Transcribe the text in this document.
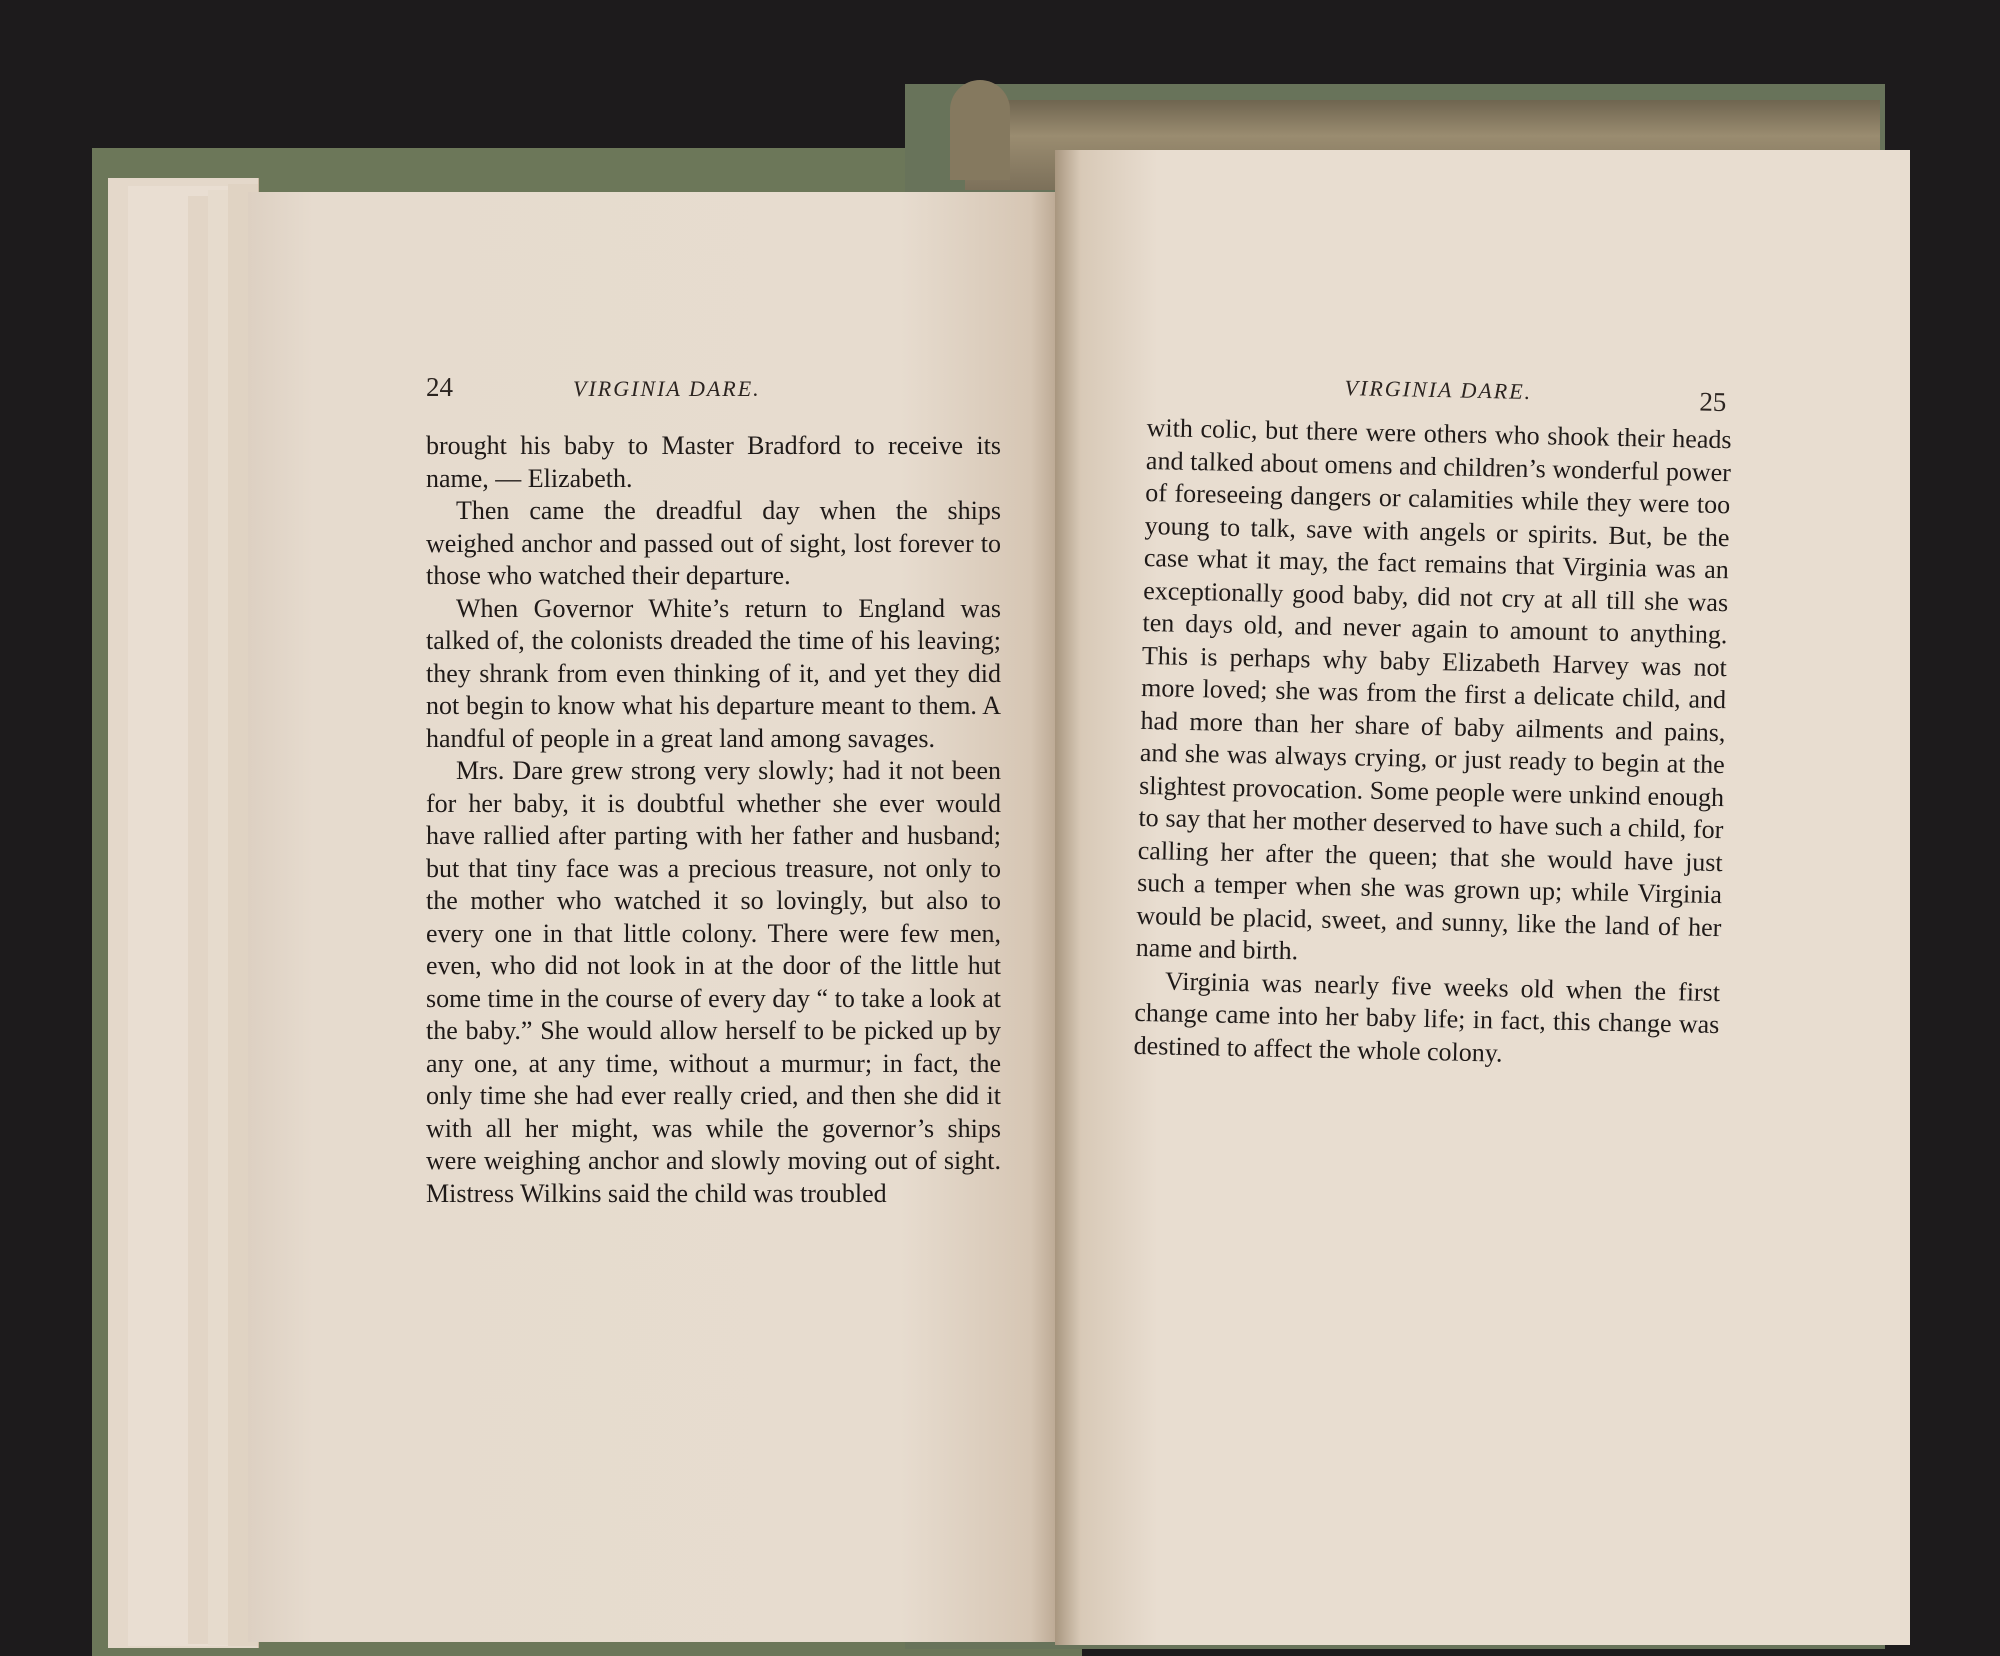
24	VIRGINIA DARE.

brought his baby to Master Bradford to receive its name, — Elizabeth.

Then came the dreadful day when the ships weighed anchor and passed out of sight, lost forever to those who watched their departure.

When Governor White’s return to England was talked of, the colonists dreaded the time of his leaving; they shrank from even thinking of it, and yet they did not begin to know what his departure meant to them. A handful of people in a great land among savages.

Mrs. Dare grew strong very slowly; had it not been for her baby, it is doubtful whether she ever would have rallied after parting with her father and husband; but that tiny face was a precious treasure, not only to the mother who watched it so lovingly, but also to every one in that little colony. There were few men, even, who did not look in at the door of the little hut some time in the course of every day “ to take a look at the baby.” She would allow herself to be picked up by any one, at any time, without a murmur; in fact, the only time she had ever really cried, and then she did it with all her might, was while the governor’s ships were weighing anchor and slowly moving out of sight. Mistress Wilkins said the child was troubled

VIRGINIA DARE.	25

with colic, but there were others who shook their heads and talked about omens and children’s wonderful power of foreseeing dangers or calamities while they were too young to talk, save with angels or spirits. But, be the case what it may, the fact remains that Virginia was an exceptionally good baby, did not cry at all till she was ten days old, and never again to amount to anything. This is perhaps why baby Elizabeth Harvey was not more loved; she was from the first a delicate child, and had more than her share of baby ailments and pains, and she was always crying, or just ready to begin at the slightest provocation. Some people were unkind enough to say that her mother deserved to have such a child, for calling her after the queen; that she would have just such a temper when she was grown up; while Virginia would be placid, sweet, and sunny, like the land of her name and birth.

Virginia was nearly five weeks old when the first change came into her baby life; in fact, this change was destined to affect the whole colony.
